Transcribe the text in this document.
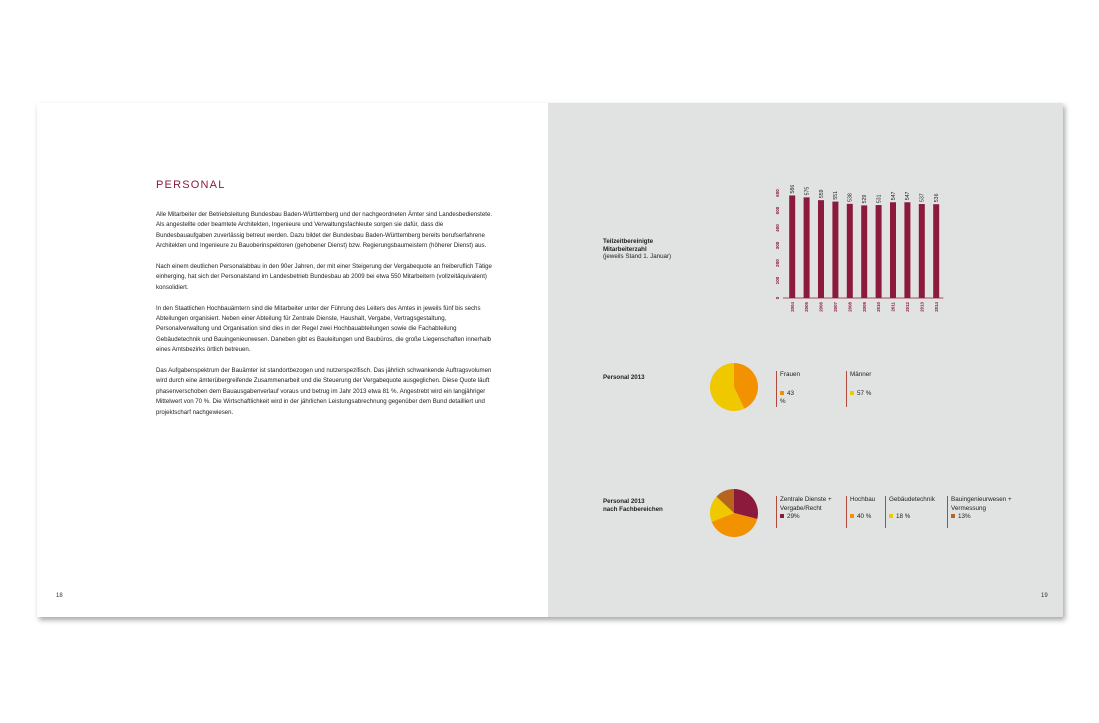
PERSONAL

Alle Mitarbeiter der Betriebsleitung Bundesbau Baden-Württemberg und der nachgeordneten Ämter sind Landesbedienstete. Als angestellte oder beamtete Architekten, Ingenieure und Verwaltungsfachleute sorgen sie dafür, dass die Bundesbauaufgaben zuverlässig betreut werden. Dazu bildet der Bundesbau Baden-Württemberg bereits berufserfahrene Architekten und Ingenieure zu Bauoberinspektoren (gehobener Dienst) bzw. Regierungsbaumeistern (höherer Dienst) aus.

Nach einem deutlichen Personalabbau in den 90er Jahren, der mit einer Steigerung der Vergabequote an freiberuflich Tätige einherging, hat sich der Personalstand im Landesbetrieb Bundesbau ab 2009 bei etwa 550 Mitarbeitern (vollzeitäquivalent) konsolidiert.

In den Staatlichen Hochbauämtern sind die Mitarbeiter unter der Führung des Leiters des Amtes in jeweils fünf bis sechs Abteilungen organisiert. Neben einer Abteilung für Zentrale Dienste, Haushalt, Vergabe, Vertragsgestaltung, Personalverwaltung und Organisation sind dies in der Regel zwei Hochbauabteilungen sowie die Fachabteilung Gebäudetechnik und Bauingenieurwesen. Daneben gibt es Bauleitungen und Baubüros, die große Liegenschaften innerhalb eines Amtsbezirks örtlich betreuen.

Das Aufgabenspektrum der Bauämter ist standortbezogen und nutzerspezifisch. Das jährlich schwankende Auftragsvolumen wird durch eine ämterübergreifende Zusammenarbeit und die Steuerung der Vergabequote ausgeglichen. Diese Quote läuft phasenverschoben dem Bauausgabenverlauf voraus und betrug im Jahr 2013 etwa 81 %. Angestrebt wird ein langjähriger Mittelwert von 70 %. Die Wirtschaftlichkeit wird in der jährlichen Leistungsabrechnung gegenüber dem Bund detailliert und projektscharf nachgewiesen.

18
Teilzeitbereinigte Mitarbeiterzahl
(jeweils Stand 1. Januar)
0
100
200
300
400
500
600 586
2004
575
2005
559
2006
551
2007
538
2008
529
2009
531
2010
547
2011
547
2012
537
2013
536
2014
Personal 2013
Personal 2013
nach Fachbereichen
Frauen
43 %
Männer
57 %
Zentrale Dienste + Vergabe/Recht
29%
Hochbau
40 %
Gebäudetechnik
18 %
Bauingenieurwesen + Vermessung
13%
19
